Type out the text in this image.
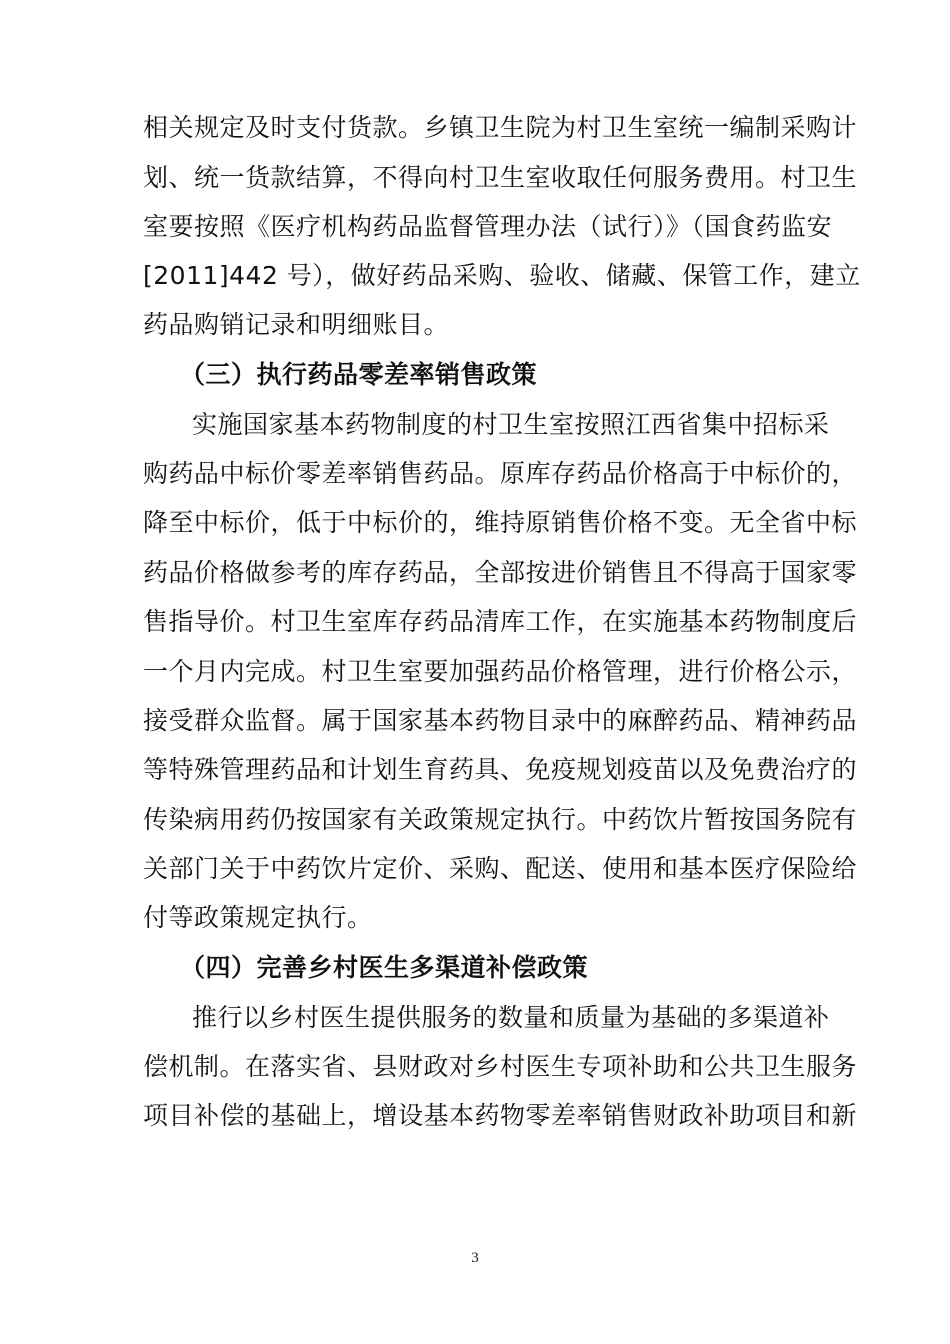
相关规定及时支付货款。乡镇卫生院为村卫生室统一编制采购计
划、统一货款结算，不得向村卫生室收取任何服务费用。村卫生
室要按照《医疗机构药品监督管理办法（试行）》（国食药监安
[2011]442 号），做好药品采购、验收、储藏、保管工作，建立
药品购销记录和明细账目。
（三）执行药品零差率销售政策
实施国家基本药物制度的村卫生室按照江西省集中招标采
购药品中标价零差率销售药品。原库存药品价格高于中标价的，
降至中标价，低于中标价的，维持原销售价格不变。无全省中标
药品价格做参考的库存药品，全部按进价销售且不得高于国家零
售指导价。村卫生室库存药品清库工作，在实施基本药物制度后
一个月内完成。村卫生室要加强药品价格管理，进行价格公示，
接受群众监督。属于国家基本药物目录中的麻醉药品、精神药品
等特殊管理药品和计划生育药具、免疫规划疫苗以及免费治疗的
传染病用药仍按国家有关政策规定执行。中药饮片暂按国务院有
关部门关于中药饮片定价、采购、配送、使用和基本医疗保险给
付等政策规定执行。
（四）完善乡村医生多渠道补偿政策
推行以乡村医生提供服务的数量和质量为基础的多渠道补
偿机制。在落实省、县财政对乡村医生专项补助和公共卫生服务
项目补偿的基础上，增设基本药物零差率销售财政补助项目和新
3
